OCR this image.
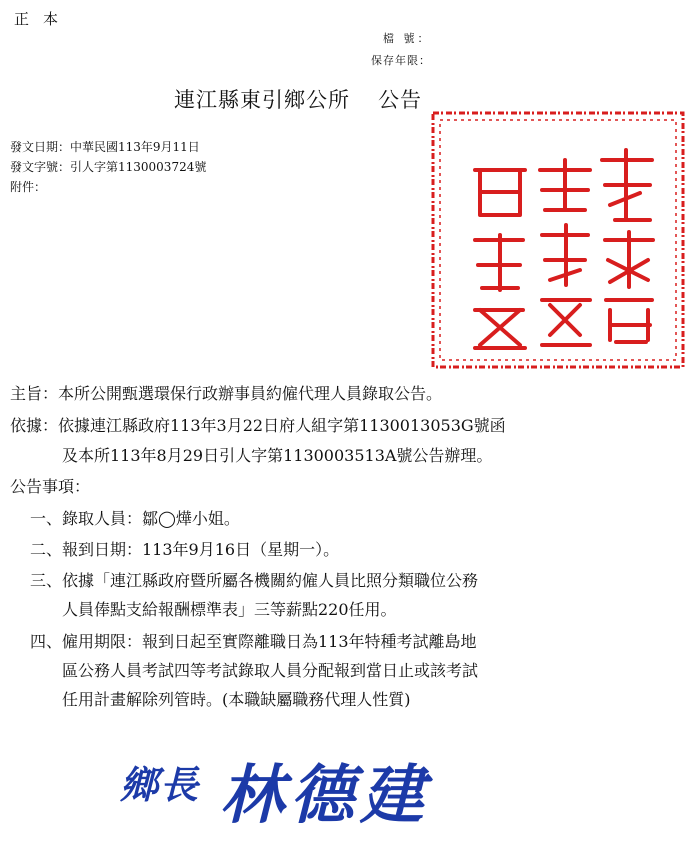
正本
檔 號：
保存年限：
連江縣東引鄉公所 公告
發文日期：中華民國113年9月11日
發文字號：引人字第1130003724號
附件：
主旨：本所公開甄選環保行政辦事員約僱代理人員錄取公告。
依據：依據連江縣政府113年3月22日府人組字第1130013053G號函
及本所113年8月29日引人字第1130003513A號公告辦理。
公告事項：
一、錄取人員：鄒◯燁小姐。
二、報到日期：113年9月16日（星期一）。
三、依據「連江縣政府暨所屬各機關約僱人員比照分類職位公務
人員俸點支給報酬標準表」三等薪點220任用。
四、僱用期限：報到日起至實際離職日為113年特種考試離島地
區公務人員考試四等考試錄取人員分配報到當日止或該考試
任用計畫解除列管時。(本職缺屬職務代理人性質)
鄉長 林德建
